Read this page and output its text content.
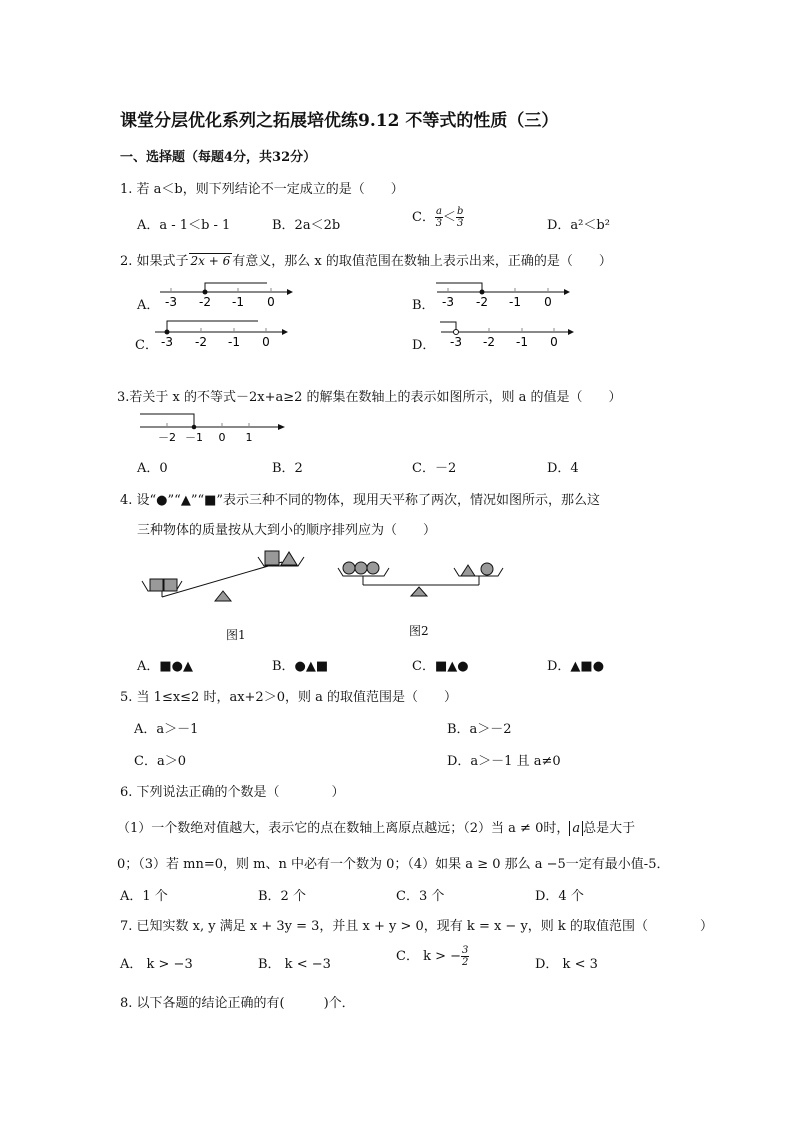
课堂分层优化系列之拓展培优练9.12 不等式的性质（三）
一、选择题（每题4分，共32分）
1. 若 a＜b，则下列结论不一定成立的是（　　）
A．a - 1＜b - 1	B．2a＜2b
C． $\frac{a}{3} < \frac{b}{3}$	D．a²＜b²
2. 如果式子 2x + 6 有意义，那么 x 的取值范围在数轴上表示出来，正确的是（　　）
A．	B．
C．	D．
-3 -2 -1 0	-3 -2 -1 0
-3 -2 -1 0	-3 -2 -1 0
3.若关于 x 的不等式－2x+a≥2 的解集在数轴上的表示如图所示，则 a 的值是（　　）
－2 －1 0 1
A．0	B．2	C．－2	D．4
4. 设“●”“▲”“■”表示三种不同的物体，现用天平称了两次，情况如图所示，那么这
三种物体的质量按从大到小的顺序排列应为（　　）
图1	图2
A．■●▲	B．●▲■	C．■▲●	D．▲■●
5. 当 1≤x≤2 时，ax+2＞0，则 a 的取值范围是（　　）
A．a＞－1	B．a＞－2
C．a＞0	D．a＞－1 且 a≠0
6. 下列说法正确的个数是（　　　　）
（1）一个数绝对值越大，表示它的点在数轴上离原点越远；（2）当 a ≠ 0时， a 总是大于
0；（3）若 mn=0，则 m、n 中必有一个数为 0；（4）如果 a ≥ 0 那么 a −5一定有最小值-5．
A．1 个	B．2 个	C．3 个	D．4 个
7. 已知实数 x, y 满足 x + 3y = 3，并且 x + y > 0，现有 k = x − y，则 k 的取值范围（　　　　）
A． k > −3	B． k < −3
C． k > − $\frac{3}{2}$	D． k < 3
8. 以下各题的结论正确的有(　　　)个．
